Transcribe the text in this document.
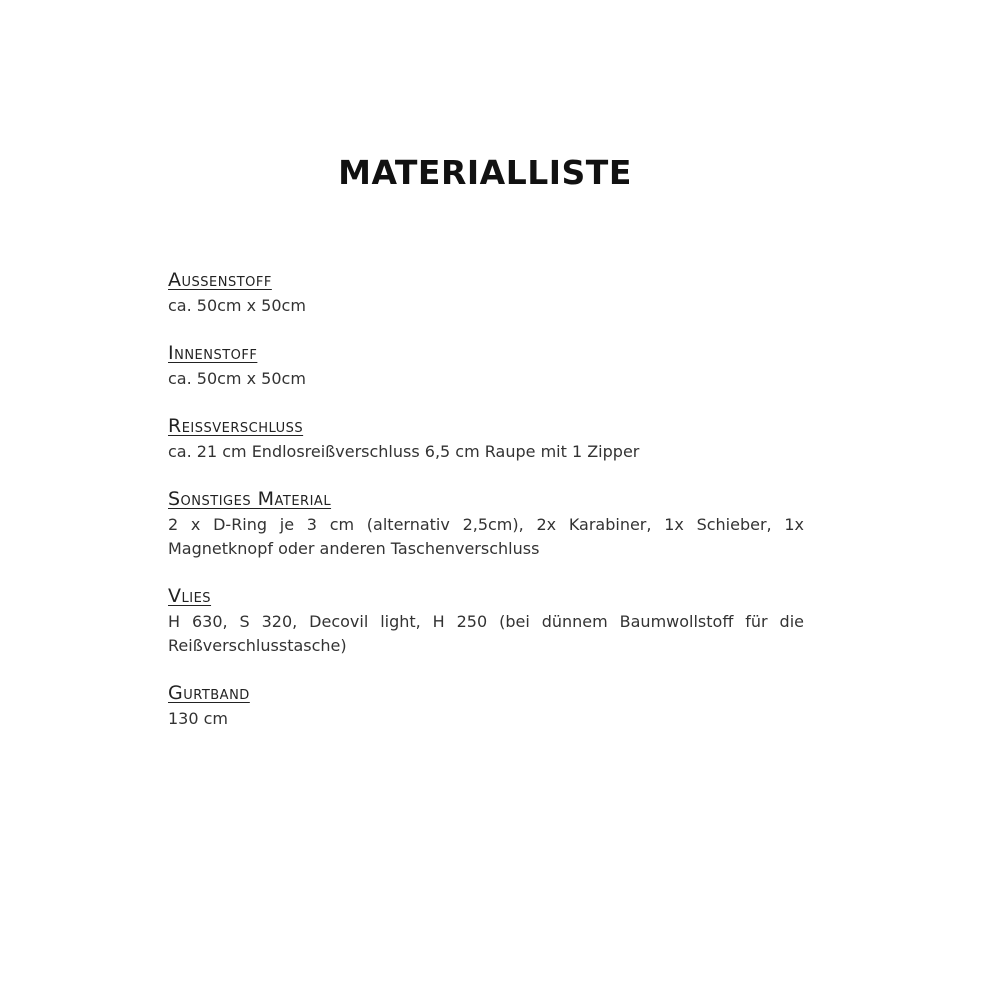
MATERIALLISTE
Aussenstoff
ca. 50cm x 50cm
Innenstoff
ca. 50cm x 50cm
Reissverschluss
ca. 21 cm Endlosreißverschluss 6,5 cm Raupe mit 1 Zipper
Sonstiges Material
2 x D-Ring je 3 cm (alternativ 2,5cm), 2x Karabiner, 1x Schieber, 1x Magnetknopf oder anderen Taschenverschluss
Vlies
H 630, S 320, Decovil light, H 250 (bei dünnem Baumwollstoff für die Reißverschlusstasche)
Gurtband
130 cm
